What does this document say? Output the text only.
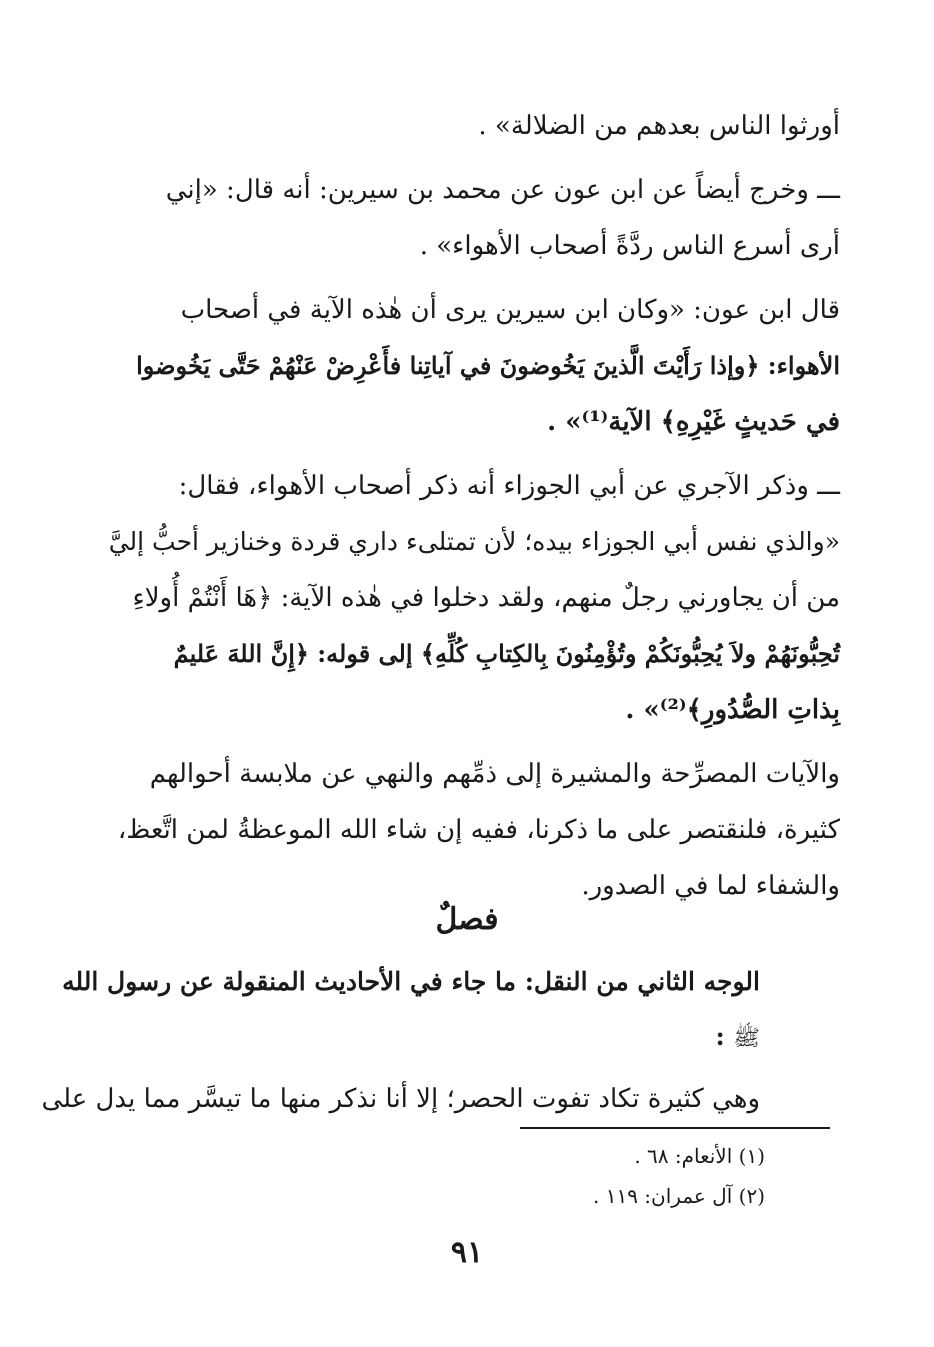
أورثوا الناس بعدهم من الضلالة» .
ـــ وخرج أيضاً عن ابن عون عن محمد بن سيرين: أنه قال: «إني
أرى أسرع الناس ردَّةً أصحاب الأهواء» .
قال ابن عون: «وكان ابن سيرين يرى أن هٰذه الآية في أصحاب
الأهواء: ﴿وإذا رَأَيْتَ الَّذينَ يَخُوضونَ في آياتِنا فأَعْرِضْ عَنْهُمْ حَتَّى يَخُوضوا
في حَديثٍ غَيْرِهِ﴾ الآية⁽¹⁾» .
ـــ وذكر الآجري عن أبي الجوزاء أنه ذكر أصحاب الأهواء، فقال:
«والذي نفس أبي الجوزاء بيده؛ لأن تمتلىء داري قردة وخنازير أحبُّ إليَّ
من أن يجاورني رجلٌ منهم، ولقد دخلوا في هٰذه الآية: ﴿هَا أَنْتُمْ أُولاءِ
تُحِبُّونَهُمْ ولاَ يُحِبُّونَكُمْ وتُؤْمِنُونَ بِالكِتابِ كُلِّهِ﴾ إلى قوله: ﴿إِنَّ اللهَ عَليمٌ
بِذاتِ الصُّدُورِ﴾⁽²⁾» .
والآيات المصرِّحة والمشيرة إلى ذمِّهم والنهي عن ملابسة أحوالهم
كثيرة، فلنقتصر على ما ذكرنا، ففيه إن شاء الله الموعظةُ لمن اتَّعظ،
والشفاء لما في الصدور.
فصلٌ
الوجه الثاني من النقل: ما جاء في الأحاديث المنقولة عن رسول الله
ﷺ :
وهي كثيرة تكاد تفوت الحصر؛ إلا أنا نذكر منها ما تيسَّر مما يدل على
(١) الأنعام: ٦٨ .
(٢) آل عمران: ١١٩ .
٩١
